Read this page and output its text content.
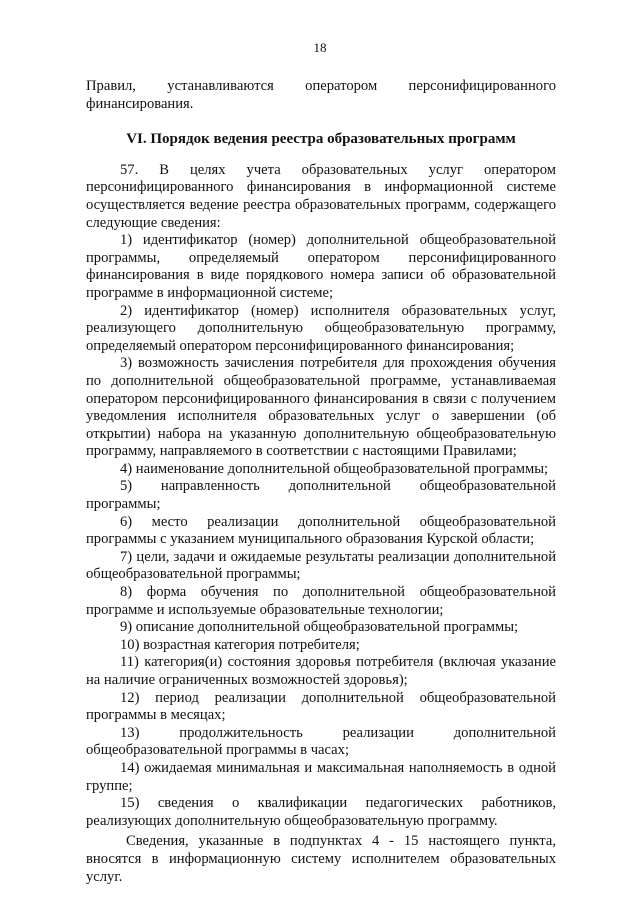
18

Правил, устанавливаются оператором персонифицированного финансирования.

VI. Порядок ведения реестра образовательных программ

57. В целях учета образовательных услуг оператором персонифицированного финансирования в информационной системе осуществляется ведение реестра образовательных программ, содержащего следующие сведения:

1) идентификатор (номер) дополнительной общеобразовательной программы, определяемый оператором персонифицированного финансирования в виде порядкового номера записи об образовательной программе в информационной системе;

2) идентификатор (номер) исполнителя образовательных услуг, реализующего дополнительную общеобразовательную программу, определяемый оператором персонифицированного финансирования;

3) возможность зачисления потребителя для прохождения обучения по дополнительной общеобразовательной программе, устанавливаемая оператором персонифицированного финансирования в связи с получением уведомления исполнителя образовательных услуг о завершении (об открытии) набора на указанную дополнительную общеобразовательную программу, направляемого в соответствии с настоящими Правилами;

4) наименование дополнительной общеобразовательной программы;

5) направленность дополнительной общеобразовательной программы;

6) место реализации дополнительной общеобразовательной программы с указанием муниципального образования Курской области;

7) цели, задачи и ожидаемые результаты реализации дополнительной общеобразовательной программы;

8) форма обучения по дополнительной общеобразовательной программе и используемые образовательные технологии;

9) описание дополнительной общеобразовательной программы;

10) возрастная категория потребителя;

11) категория(и) состояния здоровья потребителя (включая указание на наличие ограниченных возможностей здоровья);

12) период реализации дополнительной общеобразовательной программы в месяцах;

13) продолжительность реализации дополнительной общеобразовательной программы в часах;

14) ожидаемая минимальная и максимальная наполняемость в одной группе;

15) сведения о квалификации педагогических работников, реализующих дополнительную общеобразовательную программу.

Сведения, указанные в подпунктах 4 - 15 настоящего пункта, вносятся в информационную систему исполнителем образовательных услуг.
